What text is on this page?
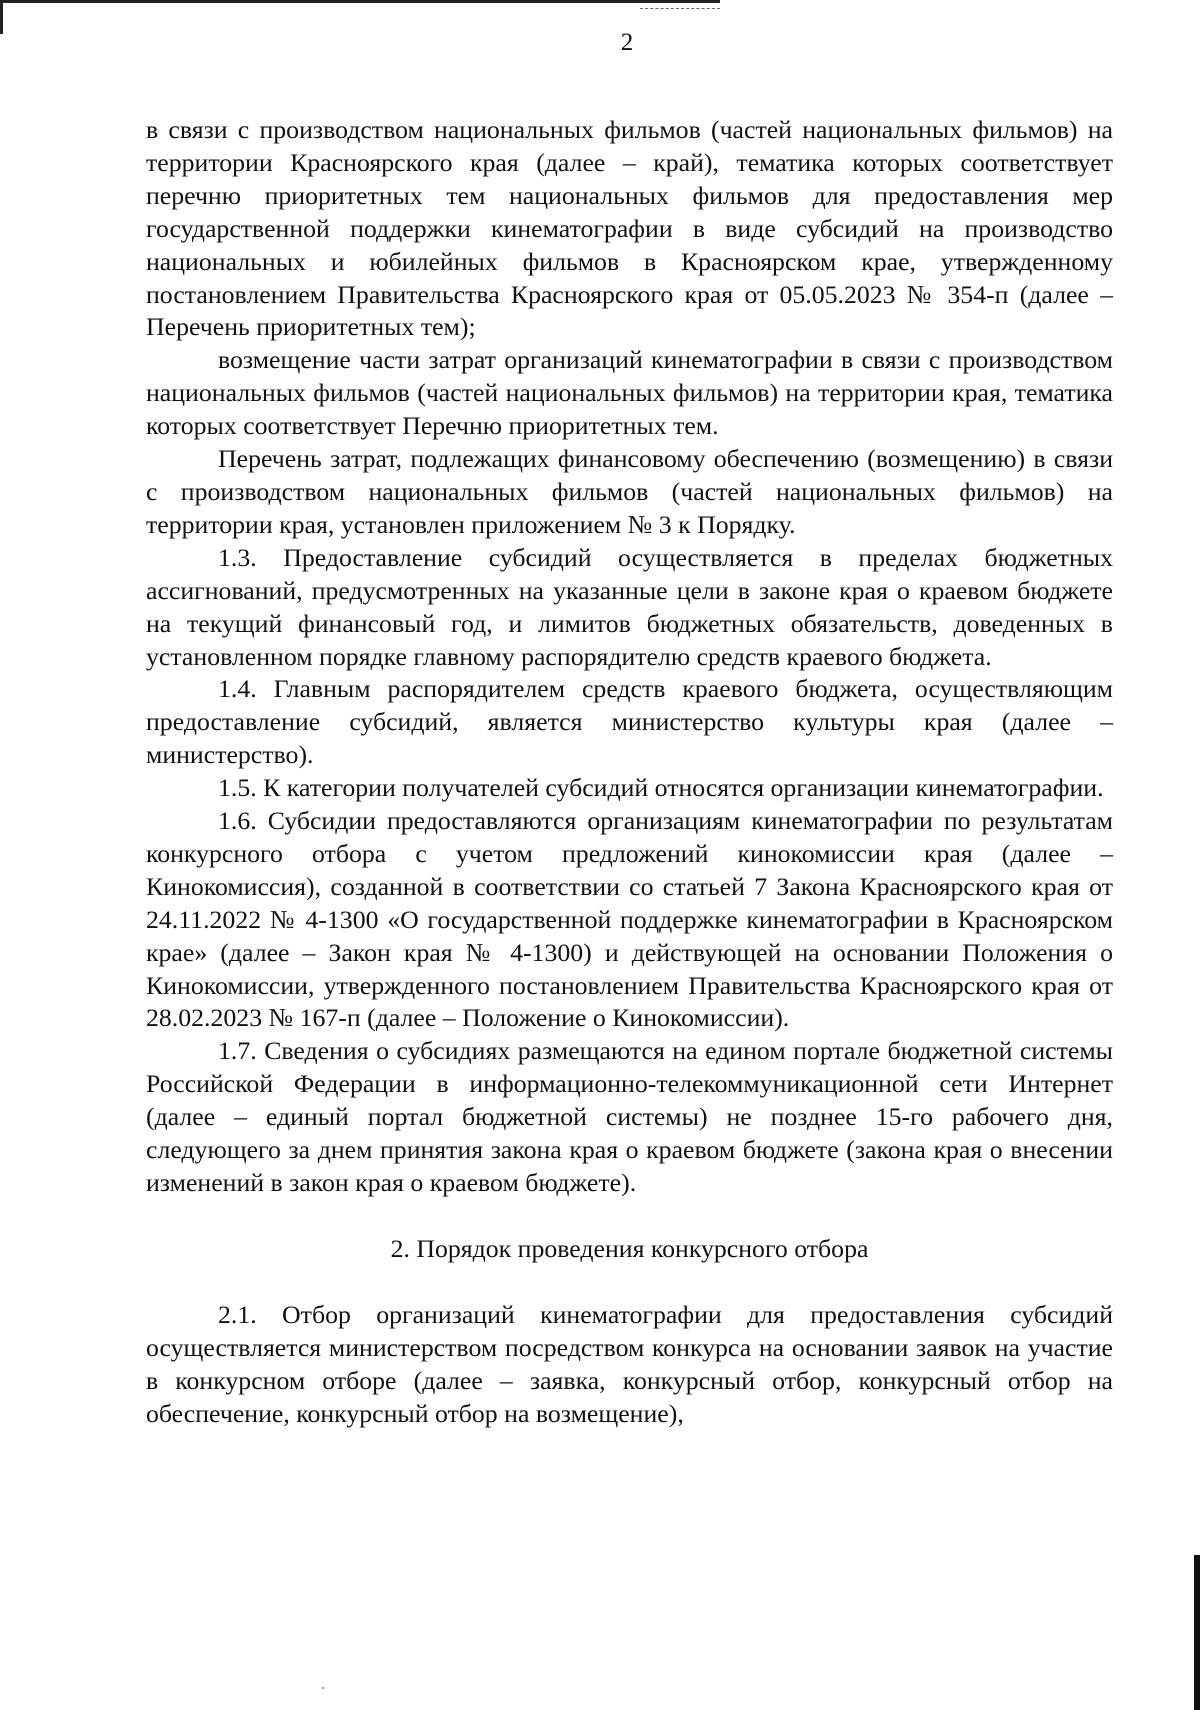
2

в связи с производством национальных фильмов (частей национальных фильмов) на территории Красноярского края (далее – край), тематика которых соответствует перечню приоритетных тем национальных фильмов для предоставления мер государственной поддержки кинематографии в виде субсидий на производство национальных и юбилейных фильмов в Красноярском крае, утвержденному постановлением Правительства Красноярского края от 05.05.2023 № 354-п (далее – Перечень приоритетных тем);

возмещение части затрат организаций кинематографии в связи с производством национальных фильмов (частей национальных фильмов) на территории края, тематика которых соответствует Перечню приоритетных тем.

Перечень затрат, подлежащих финансовому обеспечению (возмещению) в связи с производством национальных фильмов (частей национальных фильмов) на территории края, установлен приложением № 3 к Порядку.

1.3. Предоставление субсидий осуществляется в пределах бюджетных ассигнований, предусмотренных на указанные цели в законе края о краевом бюджете на текущий финансовый год, и лимитов бюджетных обязательств, доведенных в установленном порядке главному распорядителю средств краевого бюджета.

1.4. Главным распорядителем средств краевого бюджета, осуществляющим предоставление субсидий, является министерство культуры края (далее – министерство).

1.5. К категории получателей субсидий относятся организации кинематографии.

1.6. Субсидии предоставляются организациям кинематографии по результатам конкурсного отбора с учетом предложений кинокомиссии края (далее – Кинокомиссия), созданной в соответствии со статьей 7 Закона Красноярского края от 24.11.2022 № 4-1300 «О государственной поддержке кинематографии в Красноярском крае» (далее – Закон края № 4-1300) и действующей на основании Положения о Кинокомиссии, утвержденного постановлением Правительства Красноярского края от 28.02.2023 № 167-п (далее – Положение о Кинокомиссии).

1.7. Сведения о субсидиях размещаются на едином портале бюджетной системы Российской Федерации в информационно-телекоммуникационной сети Интернет (далее – единый портал бюджетной системы) не позднее 15-го рабочего дня, следующего за днем принятия закона края о краевом бюджете (закона края о внесении изменений в закон края о краевом бюджете).

2. Порядок проведения конкурсного отбора

2.1. Отбор организаций кинематографии для предоставления субсидий осуществляется министерством посредством конкурса на основании заявок на участие в конкурсном отборе (далее – заявка, конкурсный отбор, конкурсный отбор на обеспечение, конкурсный отбор на возмещение),
